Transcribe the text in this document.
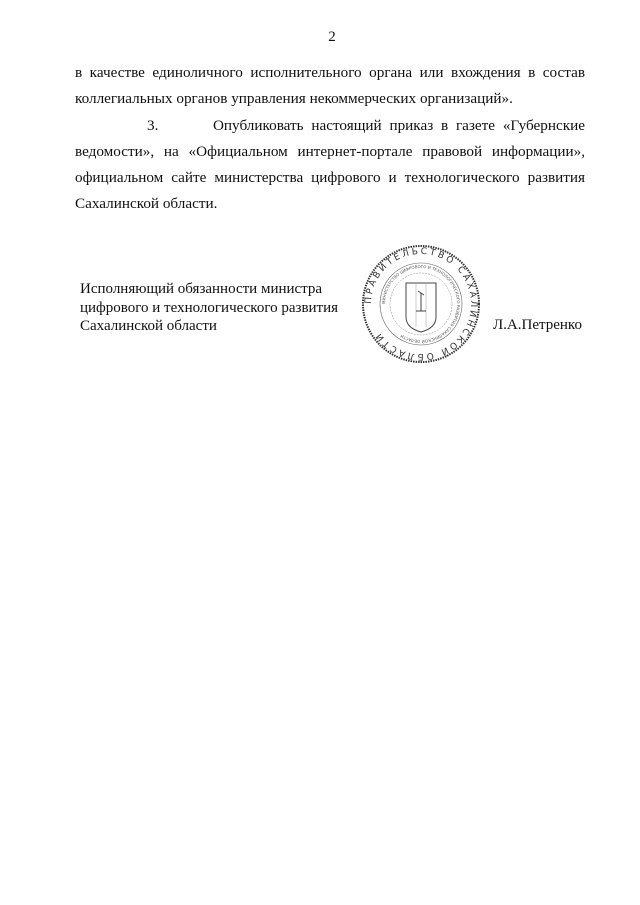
2

в качестве единоличного исполнительного органа или вхождения в состав

коллегиальных органов управления некоммерческих организаций».

3.       Опубликовать настоящий приказ в газете «Губернские

ведомости», на «Официальном интернет-портале правовой информации»,

официальном сайте министерства цифрового и технологического развития

Сахалинской области.

Исполняющий обязанности министра
цифрового и технологического развития
Сахалинской области
ПРАВИТЕЛЬСТВО САХАЛИНСКОЙ ОБЛАСТИ
МИНИСТЕРСТВО ЦИФРОВОГО И ТЕХНОЛОГИЧЕСКОГО РАЗВИТИЯ САХАЛИНСКОЙ ОБЛАСТИ
Л.А.Петренко
